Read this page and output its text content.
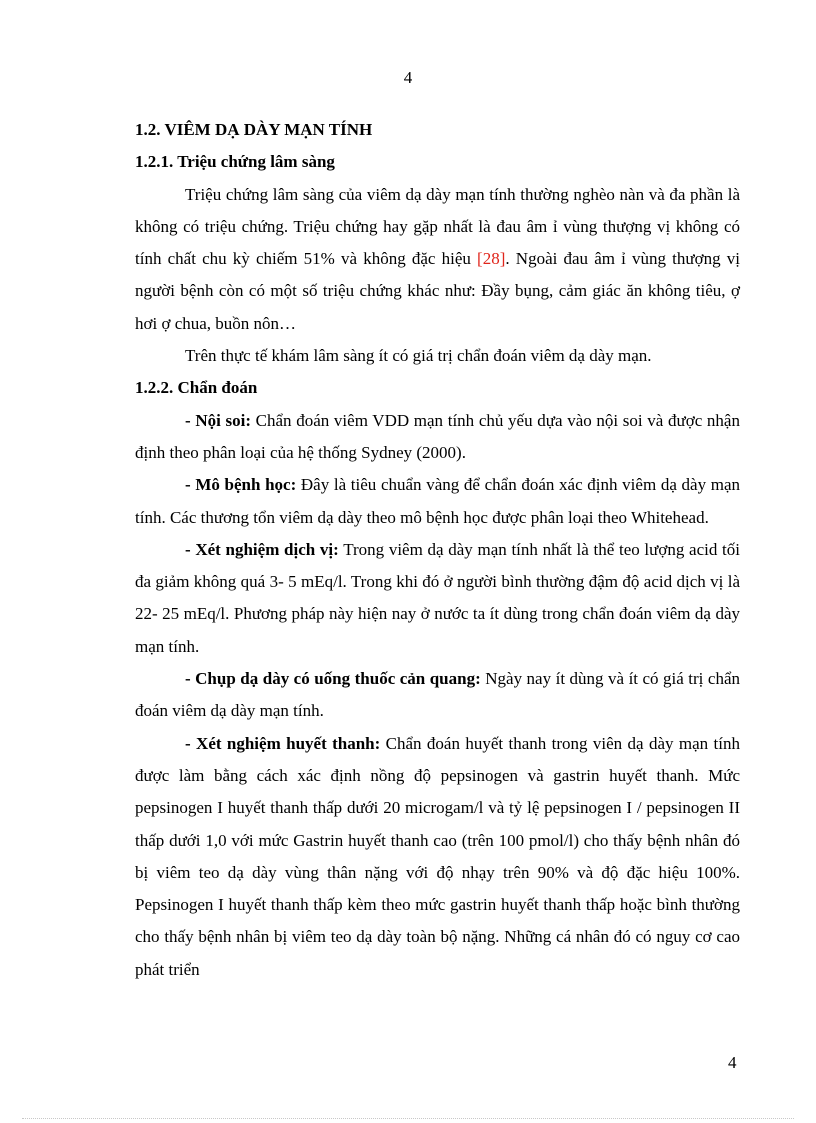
4

1.2. VIÊM DẠ DÀY MẠN TÍNH

1.2.1. Triệu chứng lâm sàng

Triệu chứng lâm sàng của viêm dạ dày mạn tính thường nghèo nàn và đa phần là không có triệu chứng. Triệu chứng hay gặp nhất là đau âm ỉ vùng thượng vị không có tính chất chu kỳ chiếm 51% và không đặc hiệu [28]. Ngoài đau âm ỉ vùng thượng vị người bệnh còn có một số triệu chứng khác như: Đầy bụng, cảm giác ăn không tiêu, ợ hơi ợ chua, buồn nôn…

Trên thực tế khám lâm sàng ít có giá trị chẩn đoán viêm dạ dày mạn.

1.2.2. Chẩn đoán

- Nội soi: Chẩn đoán viêm VDD mạn tính chủ yếu dựa vào nội soi và được nhận định theo phân loại của hệ thống Sydney (2000).

- Mô bệnh học: Đây là tiêu chuẩn vàng để chẩn đoán xác định viêm dạ dày mạn tính. Các thương tổn viêm dạ dày theo mô bệnh học được phân loại theo Whitehead.

- Xét nghiệm dịch vị: Trong viêm dạ dày mạn tính nhất là thể teo lượng acid tối đa giảm không quá 3- 5 mEq/l. Trong khi đó ở người bình thường đậm độ acid dịch vị là 22- 25 mEq/l. Phương pháp này hiện nay ở nước ta ít dùng trong chẩn đoán viêm dạ dày mạn tính.

- Chụp dạ dày có uống thuốc cản quang: Ngày nay ít dùng và ít có giá trị chẩn đoán viêm dạ dày mạn tính.

- Xét nghiệm huyết thanh: Chẩn đoán huyết thanh trong viên dạ dày mạn tính được làm bằng cách xác định nồng độ pepsinogen và gastrin huyết thanh. Mức pepsinogen I huyết thanh thấp dưới 20 microgam/l và tỷ lệ pepsinogen I / pepsinogen II thấp dưới 1,0 với mức Gastrin huyết thanh cao (trên 100 pmol/l) cho thấy bệnh nhân đó bị viêm teo dạ dày vùng thân nặng với độ nhạy trên 90% và độ đặc hiệu 100%. Pepsinogen I huyết thanh thấp kèm theo mức gastrin huyết thanh thấp hoặc bình thường cho thấy bệnh nhân bị viêm teo dạ dày toàn bộ nặng. Những cá nhân đó có nguy cơ cao phát triển

4
